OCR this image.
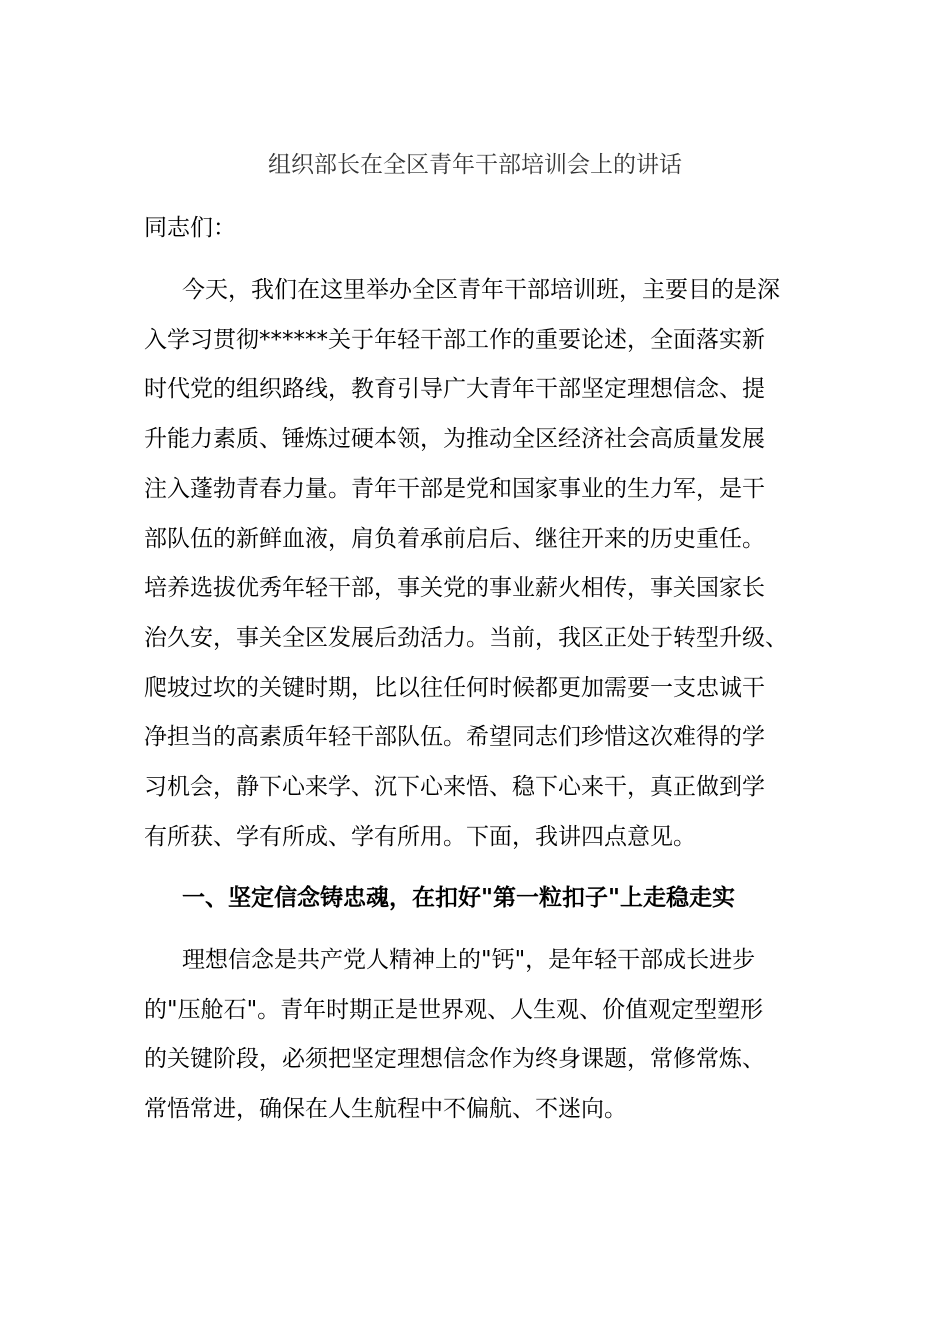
组织部长在全区青年干部培训会上的讲话
同志们：
今天，我们在这里举办全区青年干部培训班，主要目的是深
入学习贯彻******关于年轻干部工作的重要论述，全面落实新
时代党的组织路线，教育引导广大青年干部坚定理想信念、提
升能力素质、锤炼过硬本领，为推动全区经济社会高质量发展
注入蓬勃青春力量。青年干部是党和国家事业的生力军，是干
部队伍的新鲜血液，肩负着承前启后、继往开来的历史重任。
培养选拔优秀年轻干部，事关党的事业薪火相传，事关国家长
治久安，事关全区发展后劲活力。当前，我区正处于转型升级、
爬坡过坎的关键时期，比以往任何时候都更加需要一支忠诚干
净担当的高素质年轻干部队伍。希望同志们珍惜这次难得的学
习机会，静下心来学、沉下心来悟、稳下心来干，真正做到学
有所获、学有所成、学有所用。下面，我讲四点意见。
一、坚定信念铸忠魂，在扣好"第一粒扣子"上走稳走实
理想信念是共产党人精神上的"钙"，是年轻干部成长进步
的"压舱石"。青年时期正是世界观、人生观、价值观定型塑形
的关键阶段，必须把坚定理想信念作为终身课题，常修常炼、
常悟常进，确保在人生航程中不偏航、不迷向。
